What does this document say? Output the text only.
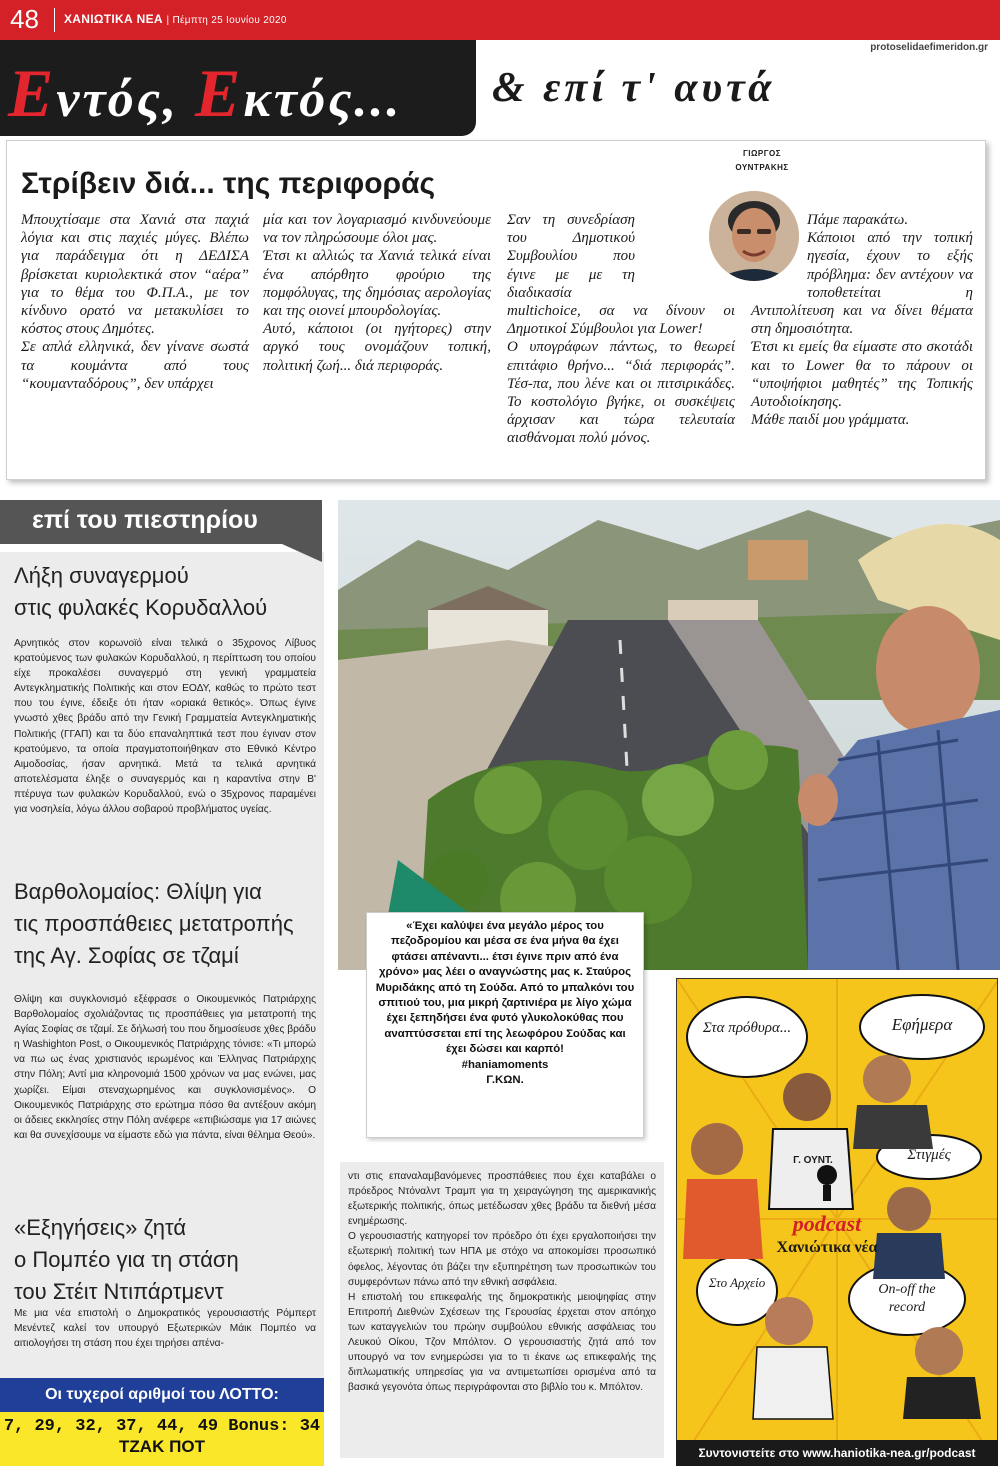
48 ΧΑΝΙΩΤΙΚΑ ΝΕΑ | Πέμπτη 25 Ιουνίου 2020
protoselidaefimeridon.gr
Εντός, Εκτός... & επί τ' αυτά
Στρίβειν διά... της περιφοράς
ΓΙΩΡΓΟΣ
ΟΥΝΤΡΑΚΗΣ

Μπουχτίσαμε στα Χανιά στα παχιά λόγια και στις παχιές μύγες. Βλέπω για παράδειγμα ότι η ΔΕΔΙΣΑ βρίσκεται κυριολεκτικά στον “αέρα” για το θέμα του Φ.Π.Α., με τον κίνδυνο ορατό να μετακυλίσει το κόστος στους Δημότες.

Σε απλά ελληνικά, δεν γίνανε σωστά τα κουμάντα από τους “κουμανταδόρους”, δεν υπάρχει

μία και τον λογαριασμό κινδυνεύουμε να τον πληρώσουμε όλοι μας.

Έτσι κι αλλιώς τα Χανιά τελικά είναι ένα απόρθητο φρούριο της πομφόλυγας, της δημόσιας αερολογίας και της οιονεί μπουρδολογίας.

Αυτό, κάποιοι (οι ηγήτορες) στην αργκό τους ονομάζουν τοπική, πολιτική ζωή... διά περιφοράς.

Σαν τη συνεδρίαση του Δημοτικού Συμβουλίου που έγινε με με τη διαδικασία multichoice, σα να δίνουν οι Δημοτικοί Σύμβουλοι για Lower!

Ο υπογράφων πάντως, το θεωρεί επιτάφιο θρήνο... “διά περιφοράς”. Τέσ-πα, που λένε και οι πιτσιρικάδες. Το κοστολόγιο βγήκε, οι συσκέψεις άρχισαν και τώρα τελευταία αισθάνομαι πολύ μόνος.

Πάμε παρακάτω.

Κάποιοι από την τοπική ηγεσία, έχουν το εξής πρόβλημα: δεν αντέχουν να τοποθετείται η Αντιπολίτευση και να δίνει θέματα στη δημοσιότητα.

Έτσι κι εμείς θα είμαστε στο σκοτάδι και το Lower θα το πάρουν οι “υποψήφιοι μαθητές” της Τοπικής Αυτοδιοίκησης.

Μάθε παιδί μου γράμματα.

επί του πιεστηρίου
Λήξη συναγερμού
στις φυλακές Κορυδαλλού
Αρνητικός στον κορωνοϊό είναι τελικά ο 35χρονος Λίβυος κρατούμενος των φυλακών Κορυδαλλού, η περίπτωση του οποίου είχε προκαλέσει συναγερμό στη γενική γραμματεία Αντεγκληματικής Πολιτικής και στον ΕΟΔΥ, καθώς το πρώτο τεστ που του έγινε, έδειξε ότι ήταν «οριακά θετικός». Όπως έγινε γνωστό χθες βράδυ από την Γενική Γραμματεία Αντεγκληματικής Πολιτικής (ΓΓΑΠ) και τα δύο επαναληπτικά τεστ που έγιναν στον κρατούμενο, τα οποία πραγματοποιήθηκαν στο Εθνικό Κέντρο Αιμοδοσίας, ήσαν αρνητικά. Μετά τα τελικά αρνητικά αποτελέσματα έληξε ο συναγερμός και η καραντίνα στην Β' πτέρυγα των φυλακών Κορυδαλλού, ενώ ο 35χρονος παραμένει για νοσηλεία, λόγω άλλου σοβαρού προβλήματος υγείας.
Βαρθολομαίος: Θλίψη για
τις προσπάθειες μετατροπής
της Αγ. Σοφίας σε τζαμί
Θλίψη και συγκλονισμό εξέφρασε ο Οικουμενικός Πατριάρχης Βαρθολομαίος σχολιάζοντας τις προσπάθειες για μετατροπή της Αγίας Σοφίας σε τζαμί. Σε δήλωσή του που δημοσίευσε χθες βράδυ η Washighton Post, ο Οικουμενικός Πατριάρχης τόνισε: «Τι μπορώ να πω ως ένας χριστιανός ιερωμένος και Έλληνας Πατριάρχης στην Πόλη; Αντί μια κληρονομιά 1500 χρόνων να μας ενώνει, μας χωρίζει. Είμαι στεναχωρημένος και συγκλονισμένος». Ο Οικουμενικός Πατριάρχης στο ερώτημα πόσο θα αντέξουν ακόμη οι άδειες εκκλησίες στην Πόλη ανέφερε «επιβιώσαμε για 17 αιώνες και θα συνεχίσουμε να είμαστε εδώ για πάντα, είναι θέλημα Θεού».
«Εξηγήσεις» ζητά
ο Πομπέο για τη στάση
του Στέιτ Ντιπάρτμεντ
Με μια νέα επιστολή ο Δημοκρατικός γερουσιαστής Ρόμπερτ Μενέντεζ καλεί τον υπουργό Εξωτερικών Μάικ Πομπέο να αιτιολογήσει τη στάση που έχει τηρήσει απένα-
Οι τυχεροί αριθμοί του ΛΟΤΤΟ:
7, 29, 32, 37, 44, 49 Bonus: 34
ΤΖΑΚ ΠΟΤ
«Έχει καλύψει ένα μεγάλο μέρος του πεζοδρομίου και μέσα σε ένα μήνα θα έχει φτάσει απέναντι... έτσι έγινε πριν από ένα χρόνο» μας λέει ο αναγνώστης μας κ. Σταύρος Μυριδάκης από τη Σούδα. Από το μπαλκόνι του σπιτιού του, μια μικρή ζαρτινιέρα με λίγο χώμα έχει ξεπηδήσει ένα φυτό γλυκολοκύθας που αναπτύσσεται επί της λεωφόρου Σούδας και έχει δώσει και καρπό!
#haniamoments
Γ.ΚΩΝ.

ντι στις επαναλαμβανόμενες προσπάθειες που έχει καταβάλει ο πρόεδρος Ντόναλντ Τραμπ για τη χειραγώγηση της αμερικανικής εξωτερικής πολιτικής, όπως μετέδωσαν χθες βράδυ τα διεθνή μέσα ενημέρωσης.

Ο γερουσιαστής κατηγορεί τον πρόεδρο ότι έχει εργαλοποιήσει την εξωτερική πολιτική των ΗΠΑ με στόχο να αποκομίσει προσωπικό όφελος, λέγοντας ότι βάζει την εξυπηρέτηση των προσωπικών του συμφερόντων πάνω από την εθνική ασφάλεια.

Η επιστολή του επικεφαλής της δημοκρατικής μειοψηφίας στην Επιτροπή Διεθνών Σχέσεων της Γερουσίας έρχεται στον απόηχο των καταγγελιών του πρώην συμβούλου εθνικής ασφάλειας του Λευκού Οίκου, Τζον Μπόλτον. Ο γερουσιαστής ζητά από τον υπουργό να τον ενημερώσει για το τι έκανε ως επικεφαλής της διπλωματικής υπηρεσίας για να αντιμετωπίσει ορισμένα από τα βασικά γεγονότα όπως περιγράφονται στο βιβλίο του κ. Μπόλτον.

Στα πρόθυρα...	Εφήμερα
Στιγμές
Γ. ΟΥΝΤ.
podcast
Χανιώτικα νέα
Στο Αρχείο	On-off the record
Συντονιστείτε στο www.haniotika-nea.gr/podcast
